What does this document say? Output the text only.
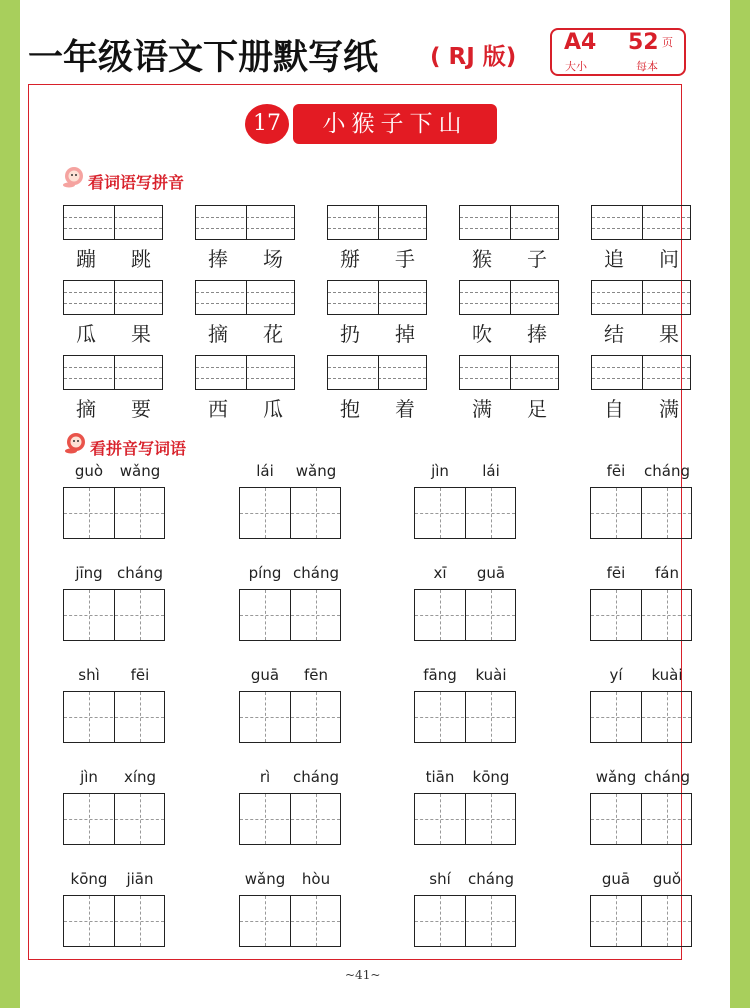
一年级语文下册默写纸 ( RJ 版)
A4
大小
52 页
每本
17	小猴子下山
看词语写拼音
看拼音写词语
蹦	跳	捧	场	掰	手	猴	子	追	问
瓜	果	摘	花	扔	掉	吹	捧	结	果
摘	要	西	瓜	抱	着	满	足	自	满
guò	wǎng	lái	wǎng	jìn	lái	fēi	cháng
jīng cháng	píng cháng	xī	guā	fēi	fán
shì	fēi	guā	fēn	fāng	kuài	yí	kuài
jìn	xíng	rì	cháng	tiān	kōng	wǎng cháng
kōng	jiān	wǎng	hòu	shí	cháng	guā	guǒ
~41~
